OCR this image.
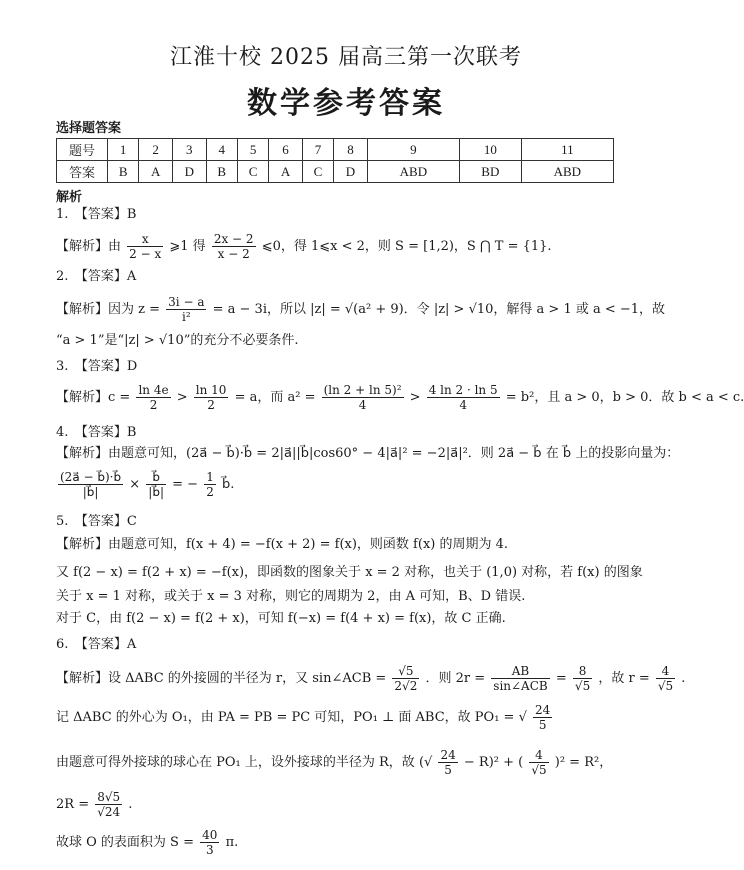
江淮十校 2025 届高三第一次联考
数学参考答案
选择题答案
题号	1	2	3	4	5	6	7	8	9	10	11
答案	B	A	D	B	C	A	C	D	ABD	BD	ABD
解析
1.　【答案】B
【解析】由 $\frac{x}{2 - x}$ ⩾1 得 $\frac{2x - 2}{x - 2}$ ⩽0，得 1⩽x < 2，则 S = [1,2)，S ⋂ T = {1}.
2.　【答案】A
【解析】因为 $z = \frac{3i - a}{\text{i²}} = a - 3i$，所以 |z| = √(a² + 9)．令 |z| > √10，解得 a > 1 或 a < −1，故
“a > 1”是“|z| > √10”的充分不必要条件.
3.　【答案】D
【解析】$c = \frac{\ln 4e}{2} > \frac{\ln 10}{2} = a$，而 $a^2 = \frac{\text{(ln 2 + ln 5)²}}{4} > \frac{4 \ln 2 \cdot \ln 5}{4} = b^2$，且 a > 0，b > 0．故 b < a < c.
4.　【答案】B
【解析】由题意可知，(2a⃗ − b⃗)·b⃗ = 2|a⃗||b⃗|cos60° − 4|a⃗|² = −2|a⃗|²．则 2a⃗ − b⃗ 在 b⃗ 上的投影向量为：
$\frac{(2a⃗ - b⃗)\cdot b⃗}{|b⃗|} \times \frac{b⃗}{|b⃗|}$ = − $\frac{1}{2}$ b⃗.
5.　【答案】C
【解析】由题意可知，f(x + 4) = −f(x + 2) = f(x)，则函数 f(x) 的周期为 4.
又 f(2 − x) = f(2 + x) = −f(x)，即函数的图象关于 x = 2 对称，也关于 (1,0) 对称，若 f(x) 的图象
关于 x = 1 对称，或关于 x = 3 对称，则它的周期为 2，由 A 可知，B、D 错误.
对于 C，由 f(2 − x) = f(2 + x)，可知 f(−x) = f(4 + x) = f(x)，故 C 正确.
6.　【答案】A
【解析】设 ΔABC 的外接圆的半径为 r，又 sin∠ACB = $\frac{√5}{2√2}$ ．则 $2r = \frac{AB}{\text{sin∠ACB}} = \frac{8}{√5}$ ，故 $r = \frac{4}{√5}$ .
记 ΔABC 的外心为 O₁，由 PA = PB = PC 可知，PO₁ ⊥ 面 ABC，故 PO₁ = √ $\frac{24}{5}$
由题意可得外接球的球心在 PO₁ 上，设外接球的半径为 R，故 (√ $\frac{24}{5} - R)^2$ + ( $\frac{4}{√5} )^2 = R^2$，
$2R = \frac{8√5}{√24}$ .
故球 O 的表面积为 $S = \frac{40}{3} \pi$.
